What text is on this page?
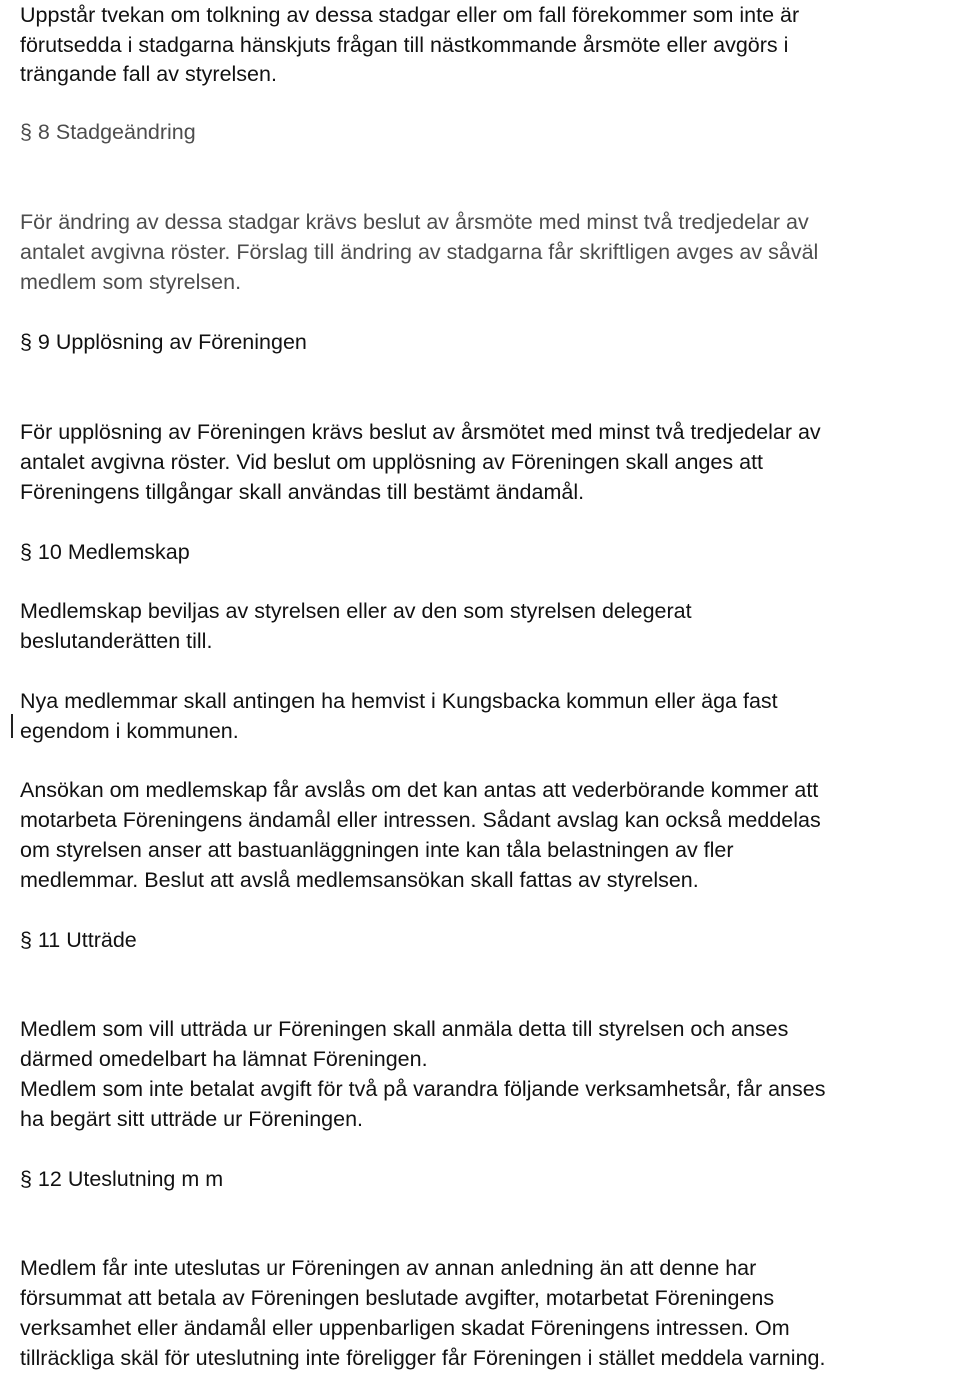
Uppstår tvekan om tolkning av dessa stadgar eller om fall förekommer som inte är
förutsedda i stadgarna hänskjuts frågan till nästkommande årsmöte eller avgörs i
trängande fall av styrelsen.
§ 8 Stadgeändring
För ändring av dessa stadgar krävs beslut av årsmöte med minst två tredjedelar av
antalet avgivna röster. Förslag till ändring av stadgarna får skriftligen avges av såväl
medlem som styrelsen.
§ 9 Upplösning av Föreningen
För upplösning av Föreningen krävs beslut av årsmötet med minst två tredjedelar av
antalet avgivna röster. Vid beslut om upplösning av Föreningen skall anges att
Föreningens tillgångar skall användas till bestämt ändamål.
§ 10 Medlemskap
Medlemskap beviljas av styrelsen eller av den som styrelsen delegerat
beslutanderätten till.
Nya medlemmar skall antingen ha hemvist i Kungsbacka kommun eller äga fast
egendom i kommunen.
Ansökan om medlemskap får avslås om det kan antas att vederbörande kommer att
motarbeta Föreningens ändamål eller intressen. Sådant avslag kan också meddelas
om styrelsen anser att bastuanläggningen inte kan tåla belastningen av fler
medlemmar. Beslut att avslå medlemsansökan skall fattas av styrelsen.
§ 11 Utträde
Medlem som vill utträda ur Föreningen skall anmäla detta till styrelsen och anses
därmed omedelbart ha lämnat Föreningen.
Medlem som inte betalat avgift för två på varandra följande verksamhetsår, får anses
ha begärt sitt utträde ur Föreningen.
§ 12 Uteslutning m m
Medlem får inte uteslutas ur Föreningen av annan anledning än att denne har
försummat att betala av Föreningen beslutade avgifter, motarbetat Föreningens
verksamhet eller ändamål eller uppenbarligen skadat Föreningens intressen. Om
tillräckliga skäl för uteslutning inte föreligger får Föreningen i stället meddela varning.
